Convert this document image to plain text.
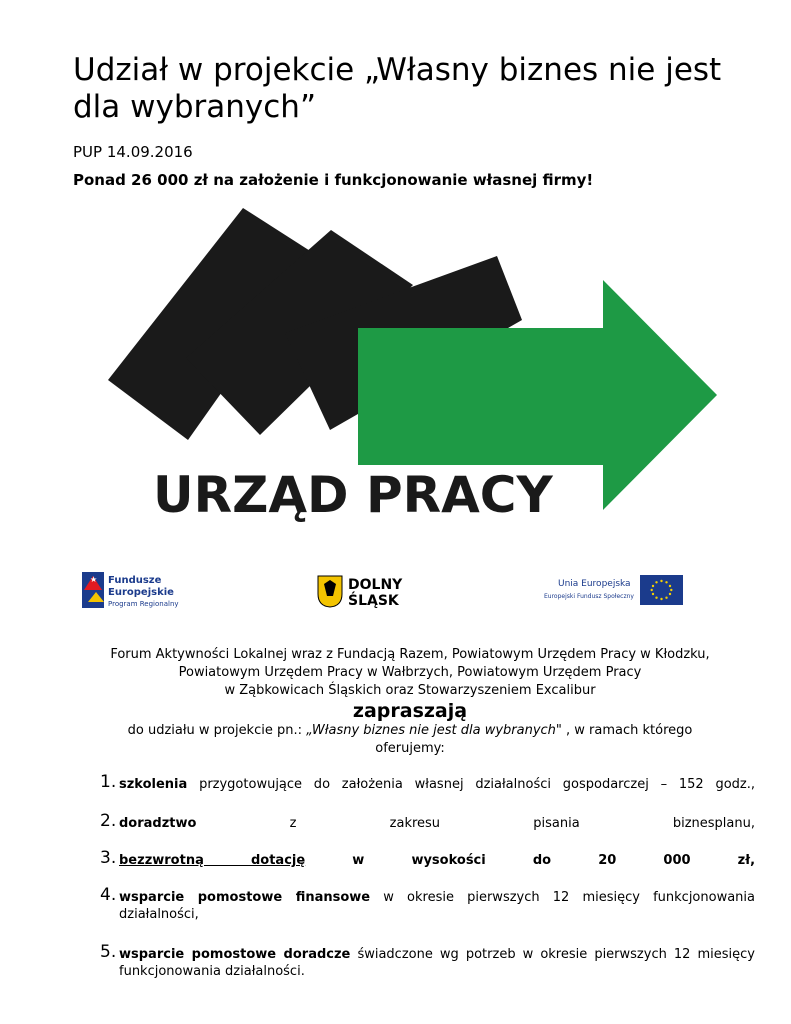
Udział w projekcie „Własny biznes nie jest dla wybranych”
PUP 14.09.2016
Ponad 26 000 zł na założenie i funkcjonowanie własnej firmy!
URZĄD PRACY
★ Fundusze
Europejskie
Program Regionalny
DOLNY
ŚLĄSK
Unia Europejska
Europejski Fundusz Społeczny
Forum Aktywności Lokalnej wraz z Fundacją Razem, Powiatowym Urzędem Pracy w Kłodzku,
Powiatowym Urzędem Pracy w Wałbrzych, Powiatowym Urzędem Pracy
w Ząbkowicach Śląskich oraz Stowarzyszeniem Excalibur
zapraszają
do udziału w projekcie pn.: „Własny biznes nie jest dla wybranych" , w ramach którego
oferujemy:
1. szkolenia przygotowujące do założenia własnej działalności gospodarczej – 152 godz.,
2. doradztwo z zakresu pisania biznesplanu,
3. bezzwrotną dotację w wysokości do 20 000 zł,
4. wsparcie pomostowe finansowe w okresie pierwszych 12 miesięcy funkcjonowania działalności,
5. wsparcie pomostowe doradcze świadczone wg potrzeb w okresie pierwszych 12 miesięcy funkcjonowania działalności.
